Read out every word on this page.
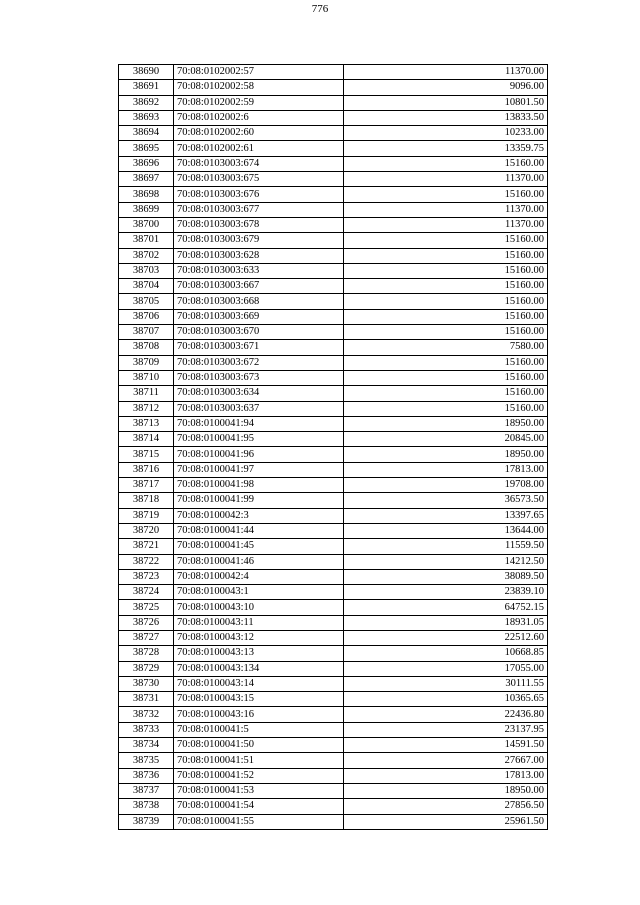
776
38690	70:08:0102002:57	11370.00
38691	70:08:0102002:58	9096.00
38692	70:08:0102002:59	10801.50
38693	70:08:0102002:6	13833.50
38694	70:08:0102002:60	10233.00
38695	70:08:0102002:61	13359.75
38696	70:08:0103003:674	15160.00
38697	70:08:0103003:675	11370.00
38698	70:08:0103003:676	15160.00
38699	70:08:0103003:677	11370.00
38700	70:08:0103003:678	11370.00
38701	70:08:0103003:679	15160.00
38702	70:08:0103003:628	15160.00
38703	70:08:0103003:633	15160.00
38704	70:08:0103003:667	15160.00
38705	70:08:0103003:668	15160.00
38706	70:08:0103003:669	15160.00
38707	70:08:0103003:670	15160.00
38708	70:08:0103003:671	7580.00
38709	70:08:0103003:672	15160.00
38710	70:08:0103003:673	15160.00
38711	70:08:0103003:634	15160.00
38712	70:08:0103003:637	15160.00
38713	70:08:0100041:94	18950.00
38714	70:08:0100041:95	20845.00
38715	70:08:0100041:96	18950.00
38716	70:08:0100041:97	17813.00
38717	70:08:0100041:98	19708.00
38718	70:08:0100041:99	36573.50
38719	70:08:0100042:3	13397.65
38720	70:08:0100041:44	13644.00
38721	70:08:0100041:45	11559.50
38722	70:08:0100041:46	14212.50
38723	70:08:0100042:4	38089.50
38724	70:08:0100043:1	23839.10
38725	70:08:0100043:10	64752.15
38726	70:08:0100043:11	18931.05
38727	70:08:0100043:12	22512.60
38728	70:08:0100043:13	10668.85
38729	70:08:0100043:134	17055.00
38730	70:08:0100043:14	30111.55
38731	70:08:0100043:15	10365.65
38732	70:08:0100043:16	22436.80
38733	70:08:0100041:5	23137.95
38734	70:08:0100041:50	14591.50
38735	70:08:0100041:51	27667.00
38736	70:08:0100041:52	17813.00
38737	70:08:0100041:53	18950.00
38738	70:08:0100041:54	27856.50
38739	70:08:0100041:55	25961.50
